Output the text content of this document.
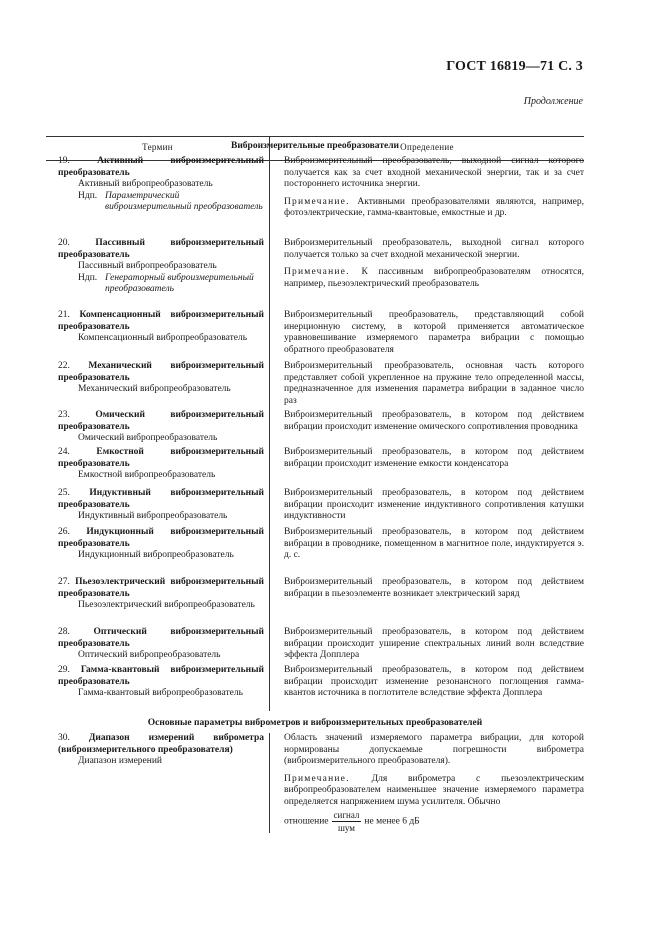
ГОСТ 16819—71 С. 3
Продолжение
Термин	Определение
Виброизмерительные преобразователи
19. Активный виброизмерительный преобразователь
Активный вибропреобразователь
Ндп. Параметрический виброизмерительный преобразователь
Виброизмерительный преобразователь, выходной сигнал которого получается как за счет входной механической энергии, так и за счет постороннего источника энергии.
Примечание. Активными преобразователями являются, например, фотоэлектрические, гамма-квантовые, емкостные и др.
20. Пассивный виброизмерительный преобразователь
Пассивный вибропреобразователь
Ндп. Генераторный виброизмерительный преобразователь
Виброизмерительный преобразователь, выходной сигнал которого получается только за счет входной механической энергии.
Примечание. К пассивным вибропреобразователям относятся, например, пьезоэлектрический преобразователь
21. Компенсационный виброизмерительный преобразователь
Компенсационный вибропреобразователь
Виброизмерительный преобразователь, представляющий собой инерционную систему, в которой применяется автоматическое уравновешивание измеряемого параметра вибрации с помощью обратного преобразователя
22. Механический виброизмерительный преобразователь
Механический вибропреобразователь
Виброизмерительный преобразователь, основная часть которого представляет собой укрепленное на пружине тело определенной массы, предназначенное для изменения параметра вибрации в заданное число раз
23. Омический виброизмерительный преобразователь
Омический вибропреобразователь
Виброизмерительный преобразователь, в котором под действием вибрации происходит изменение омического сопротивления проводника
24. Емкостной виброизмерительный преобразователь
Емкостной вибропреобразователь
Виброизмерительный преобразователь, в котором под действием вибрации происходит изменение емкости конденсатора
25. Индуктивный виброизмерительный преобразователь
Индуктивный вибропреобразователь
Виброизмерительный преобразователь, в котором под действием вибрации происходит изменение индуктивного сопротивления катушки индуктивности
26. Индукционный виброизмерительный преобразователь
Индукционный вибропреобразователь
Виброизмерительный преобразователь, в котором под действием вибрации в проводнике, помещенном в магнитное поле, индуктируется э. д. с.
27. Пьезоэлектрический виброизмерительный преобразователь
Пьезоэлектрический вибропреобразователь
Виброизмерительный преобразователь, в котором под действием вибрации в пьезоэлементе возникает электрический заряд
28. Оптический виброизмерительный преобразователь
Оптический вибропреобразователь
Виброизмерительный преобразователь, в котором под действием вибрации происходит уширение спектральных линий волн вследствие эффекта Допплера
29. Гамма-квантовый виброизмерительный преобразователь
Гамма-квантовый вибропреобразователь
Виброизмерительный преобразователь, в котором под действием вибрации происходит изменение резонансного поглощения гамма-квантов источника в поглотителе вследствие эффекта Допплера
30. Диапазон измерений виброметра (виброизмерительного преобразователя)
Диапазон измерений
Область значений измеряемого параметра вибрации, для которой нормированы допускаемые погрешности виброметра (виброизмерительного преобразователя).
Примечание. Для виброметра с пьезоэлектрическим вибропреобразователем наименьшее значение измеряемого параметра определяется напряжением шума усилителя. Обычно
отношение $\frac{\text{сигнал}}{\text{шум}}$ не менее 6 дБ
Основные параметры виброметров и виброизмерительных преобразователей
